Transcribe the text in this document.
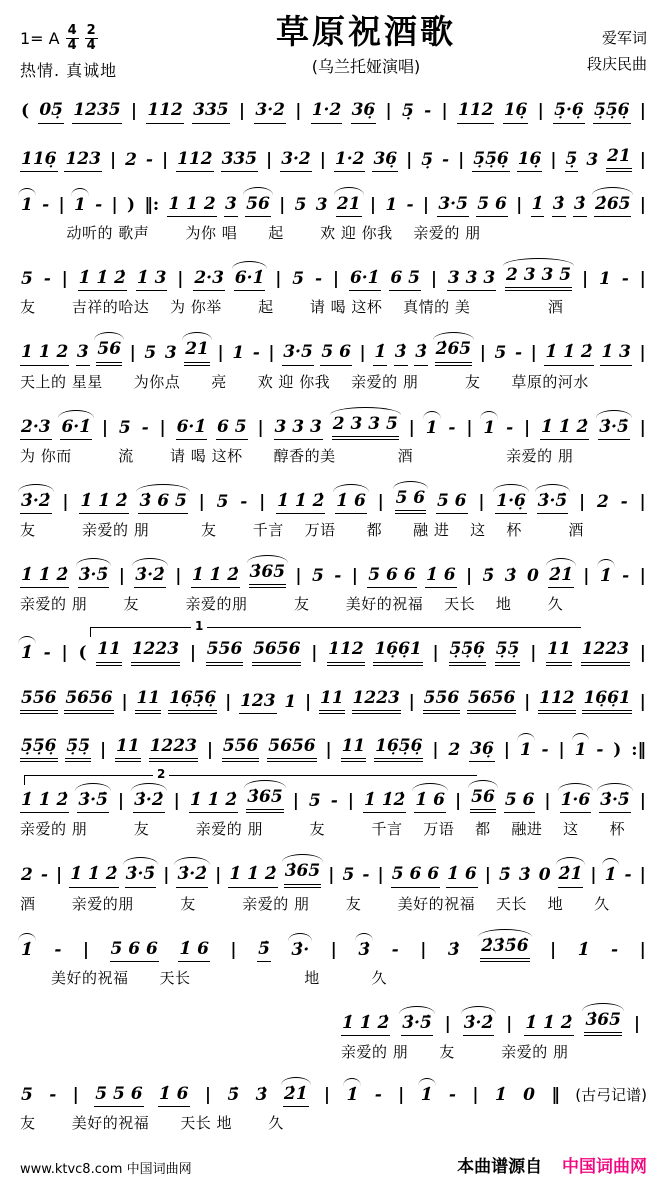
1= A $\frac{4}{4} \frac{2}{4}$
热情. 真诚地
草原祝酒歌
(乌兰托娅演唱)
爱军词
段庆民曲
( 05̣ 1235 | 112 335 | 3·2 | 1·2 36̣ | 5̣ - | 112 16̣ | 5̣·6̣ 5̣5̣6̣ |
116̣ 123 | 2 - | 112 335 | 3·2 | 1·2 36̣ | 5̣ - | 5̣5̣6̣ 16̣ | 5̣ 3 21 |
1 - | 1 - | ) ‖: 1 1 2 3 56 | 5 3 21 | 1 - | 3·5 5 6 | 1̇ 3̇ 3̇ 2̇65 |
　　　动听的 歌声　　 为你 唱　　起　　 欢 迎 你我　 亲爱的 朋
5 - | 1̇ 1̇ 2̇ 1̇ 3 | 2·3 6·1̇ | 5 - | 6·1̇ 6 5 | 3 3 3 2 3 3 5 | 1 - |
友　　 吉祥的哈达　 为 你举　　 起　　 请 喝 这杯　 真情的 美　　　　　酒
1 1 2 3 56 | 5 3 21 | 1 - | 3·5 5 6 | 1̇ 3̇ 3̇ 2̇65 | 5 - | 1̇ 1̇ 2̇ 1̇ 3 |
天上的 星星　　为你点　　亮　　欢 迎 你我　 亲爱的 朋　　　友　　草原的河水
2·3 6·1̇ | 5 - | 6·1̇ 6 5 | 3 3 3 2 3 3 5 | 1 - | 1 - | 1̇ 1̇ 2̇ 3̇·5̇ |
为 你而　　　流　　 请 喝 这杯　　醇香的美　　　　酒　　　　　　亲爱的 朋
3̇·2̇ | 1̇ 1̇ 2̇ 3̇ 6 5 | 5 - | 1̇ 1̇ 2̇ 1̇ 6 | 5 6 5 6 | 1·6̣ 3̇·5̇ | 2 - |
友　　　亲爱的 朋　　　 友　　 千言　 万语　　都　　融 进　 这　 杯　　　酒
1̇ 1̇ 2̇ 3̇·5̇ | 3̇·2̇ | 1̇ 1̇ 2̇ 3̇65 | 5 - | 5 6 6 1̇ 6 | 5̇ 3̇ 0 2̇1̇ | 1̇ - |
亲爱的 朋　　 友　　　亲爱的朋　　　友　　 美好的祝福　 天长　 地　　 久
1
1̇ - | ( 11 1223 | 556 5656 | 112 16̣6̣1 | 5̣5̣6̣ 5̣5̣ | 11 1223 |
556 5656 | 11 16̣5̣6̣ | 123 1 | 11 1223 | 556 5656 | 112 16̣6̣1 |
5̣5̣6̣ 5̣5̣ | 11 1223 | 556 5656 | 11 16̣5̣6̣ | 2 36̣ | 1 - | 1 - ) :‖
2
1̇ 1̇ 2̇ 3̇·5̇ | 3̇·2̇ | 1̇ 1̇ 2̇ 3̇65 | 5 - | 1̇ 1̇2̇ 1̇ 6 | 56 5 6 | 1̇·6 3̇·5̇ |
亲爱的 朋　　　友　　　亲爱的 朋　　　友　　　千言　 万语　 都　 融进　 这　　杯
2 - | 1̇ 1̇ 2̇ 3̇·5̇ | 3̇·2̇ | 1̇ 1̇ 2̇ 3̇65 | 5 - | 5 6 6 1̇ 6 | 5̇ 3̇ 0 2̇1̇ | 1̇ - |
酒　　 亲爱的朋　　　友　　　亲爱的 朋　　 友　　 美好的祝福　 天长　 地　　久
1̇ - | 5 6 6 1̇ 6 | 5̇ 3̇· | 3̇ - | 3̇ 2̇3̇5̇6̇ | 1̇ - |
　　美好的祝福　　天长　　　　　　　 地　　　 久
1̇ 1̇ 2̇ 3̇·5̇ | 3̇·2̇ | 1̇ 1̇ 2̇ 3̇65 |
亲爱的 朋　　友　　　亲爱的 朋
5 - | 5 5 6 1̇ 6 | 5̇ 3̇ 2̇1̇ | 1̇ - | 1̇ - | 1̇ 0 ‖ (古弓记谱)
友　　 美好的祝福　　天长 地　　 久
www.ktvc8.com 中国词曲网	本曲谱源自 中国词曲网
